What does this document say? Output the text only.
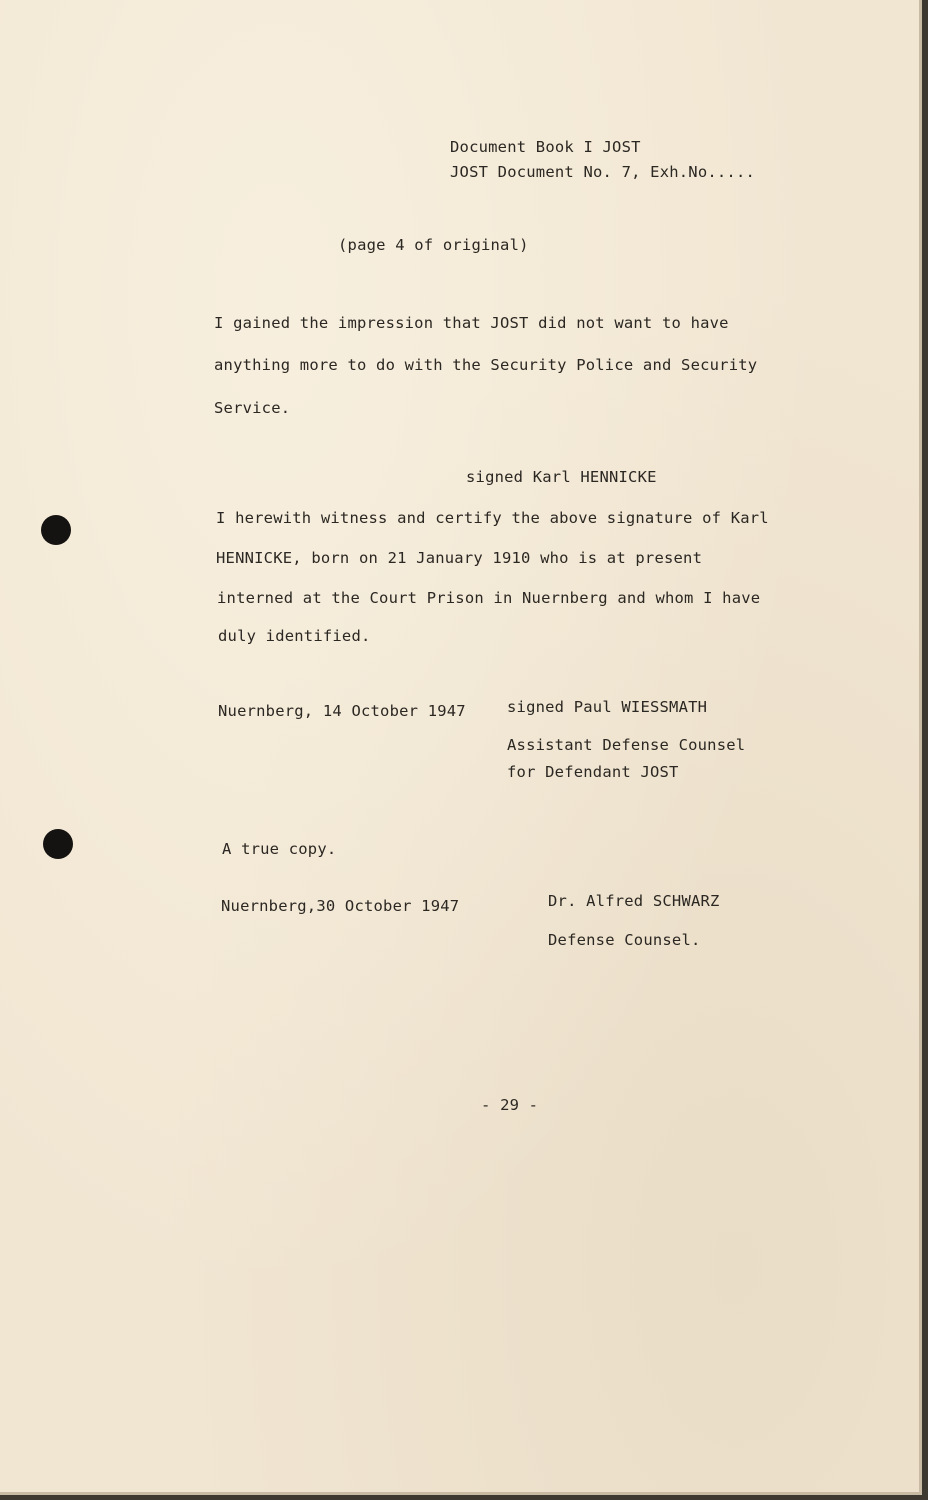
Document Book I JOST
JOST Document No. 7, Exh.No.....
(page 4 of original)
I gained the impression that JOST did not want to have
anything more to do with the Security Police and Security
Service.
signed Karl HENNICKE
I herewith witness and certify the above signature of Karl
HENNICKE, born on 21 January 1910 who is at present
interned at the Court Prison in Nuernberg and whom I have
duly identified.
Nuernberg, 14 October 1947	signed Paul WIESSMATH
Assistant Defense Counsel
for Defendant JOST
A true copy.
Nuernberg,30 October 1947	Dr. Alfred SCHWARZ
Defense Counsel.
- 29 -
